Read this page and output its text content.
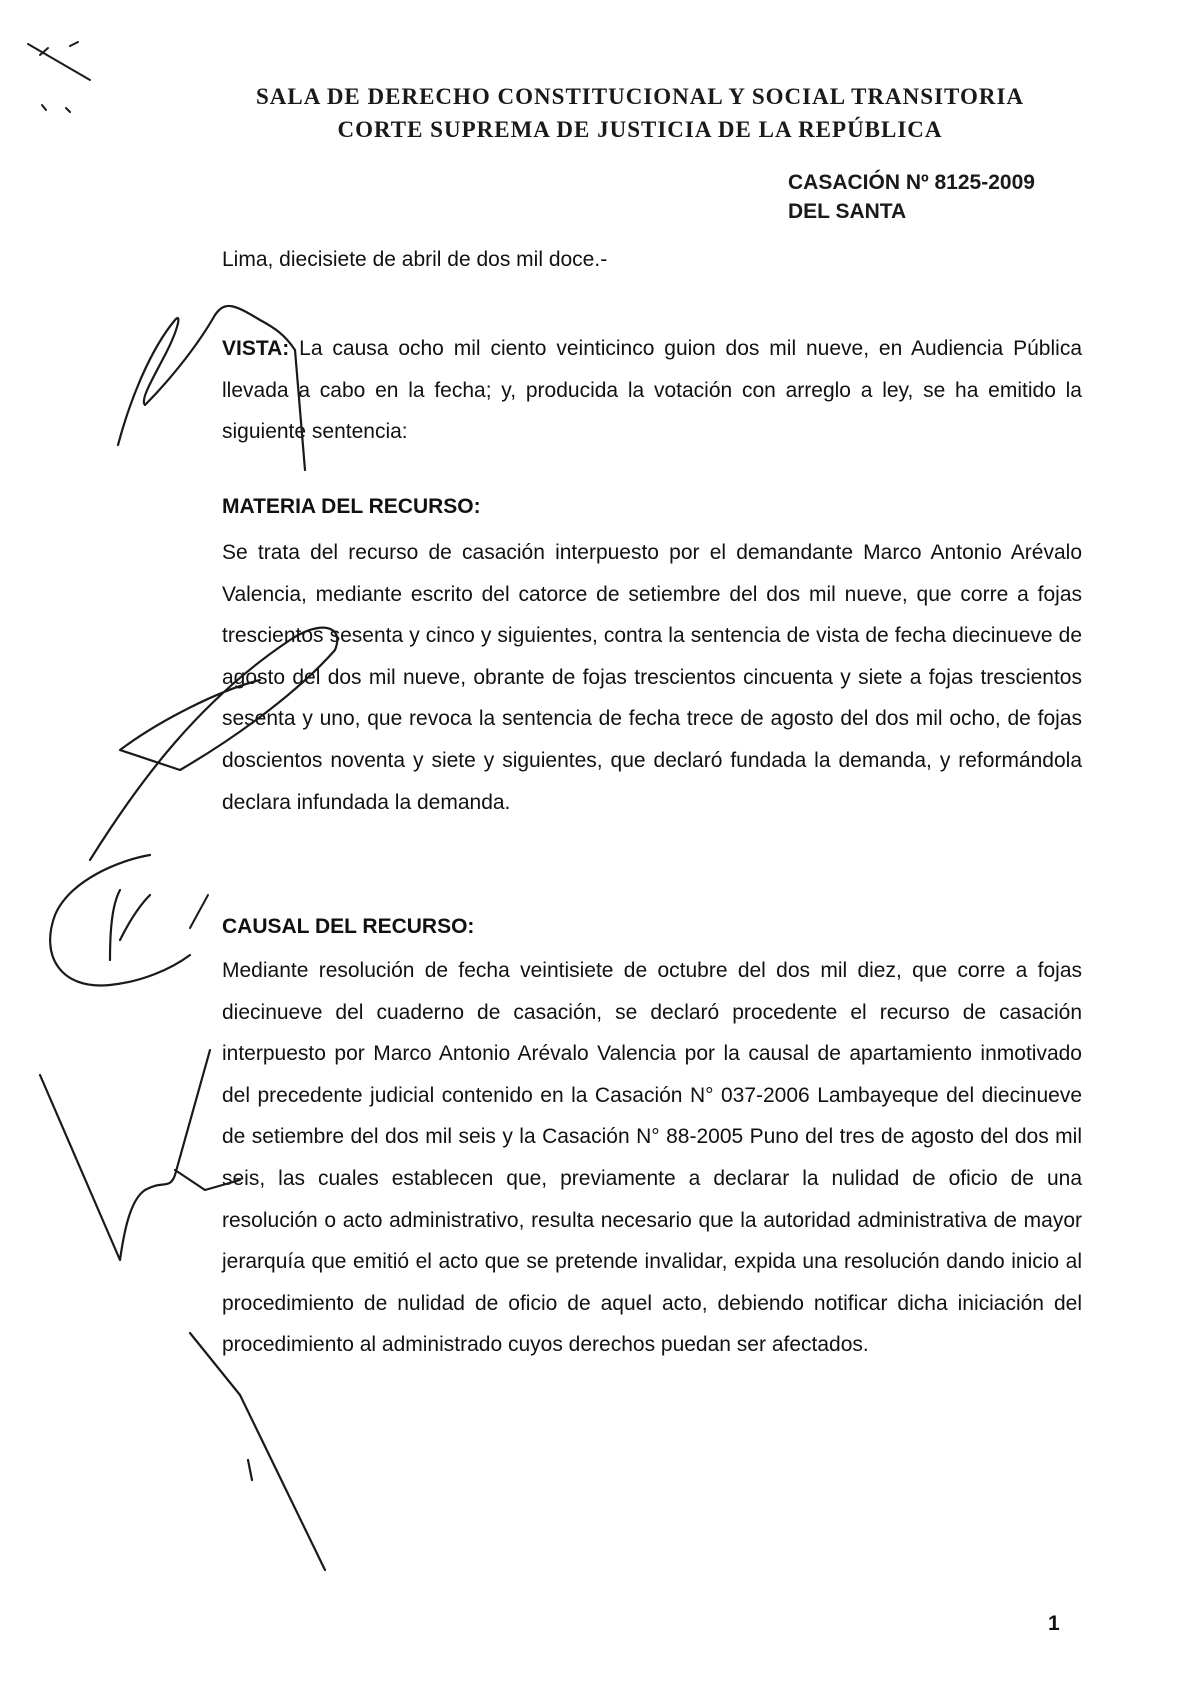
SALA DE DERECHO CONSTITUCIONAL Y SOCIAL TRANSITORIA
CORTE SUPREMA DE JUSTICIA DE LA REPÚBLICA
CASACIÓN Nº 8125-2009
DEL SANTA
Lima, diecisiete de abril de dos mil doce.-

VISTA: La causa ocho mil ciento veinticinco guion dos mil nueve, en Audiencia Pública llevada a cabo en la fecha; y, producida la votación con arreglo a ley, se ha emitido la siguiente sentencia:

MATERIA DEL RECURSO:

Se trata del recurso de casación interpuesto por el demandante Marco Antonio Arévalo Valencia, mediante escrito del catorce de setiembre del dos mil nueve, que corre a fojas trescientos sesenta y cinco y siguientes, contra la sentencia de vista de fecha diecinueve de agosto del dos mil nueve, obrante de fojas trescientos cincuenta y siete a fojas trescientos sesenta y uno, que revoca la sentencia de fecha trece de agosto del dos mil ocho, de fojas doscientos noventa y siete y siguientes, que declaró fundada la demanda, y reformándola declara infundada la demanda.

CAUSAL DEL RECURSO:

Mediante resolución de fecha veintisiete de octubre del dos mil diez, que corre a fojas diecinueve del cuaderno de casación, se declaró procedente el recurso de casación interpuesto por Marco Antonio Arévalo Valencia por la causal de apartamiento inmotivado del precedente judicial contenido en la Casación N° 037-2006 Lambayeque del diecinueve de setiembre del dos mil seis y la Casación N° 88-2005 Puno del tres de agosto del dos mil seis, las cuales establecen que, previamente a declarar la nulidad de oficio de una resolución o acto administrativo, resulta necesario que la autoridad administrativa de mayor jerarquía que emitió el acto que se pretende invalidar, expida una resolución dando inicio al procedimiento de nulidad de oficio de aquel acto, debiendo notificar dicha iniciación del procedimiento al administrado cuyos derechos puedan ser afectados.

1
